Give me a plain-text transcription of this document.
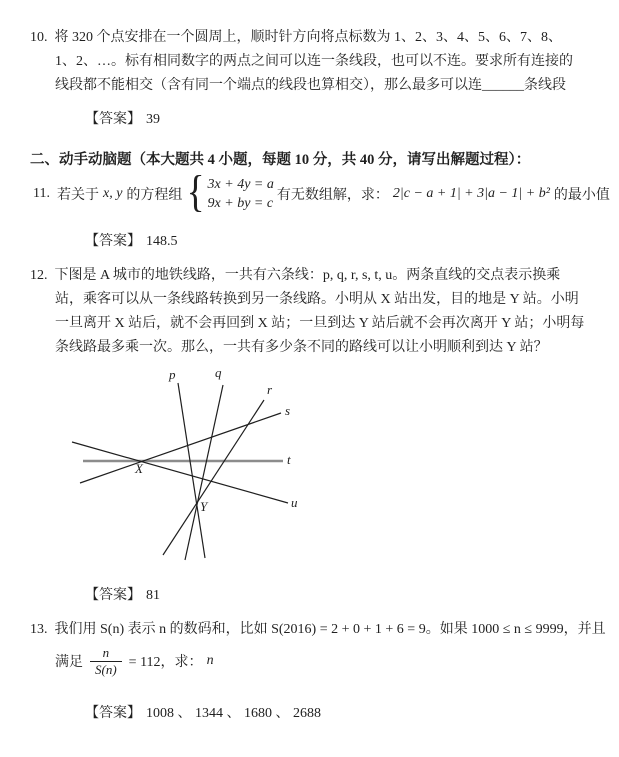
10. 将 320 个点安排在一个圆周上，顺时针方向将点标数为 1、2、3、4、5、6、7、8、
1、2、…。标有相同数字的两点之间可以连一条线段，也可以不连。要求所有连接的
线段都不能相交（含有同一个端点的线段也算相交），那么最多可以连______条线段
【答案】 39
二、动手动脑题（本大题共 4 小题，每题 10 分，共 40 分，请写出解题过程）：
11. 若关于 x, y 的方程组 { 3x + 4y = a
9x + by = c
有无数组解，求： 2|c − a + 1| + 3|a − 1| + b² 的最小值
【答案】 148.5
12. 下图是 A 城市的地铁线路，一共有六条线：p, q, r, s, t, u。两条直线的交点表示换乘
站，乘客可以从一条线路转换到另一条线路。小明从 X 站出发，目的地是 Y 站。小明
一旦离开 X 站后，就不会再回到 X 站；一旦到达 Y 站后就不会再次离开 Y 站；小明每
条线路最多乘一次。那么，一共有多少条不同的路线可以让小明顺利到达 Y 站？
p	q
r
s
t
u
X
Y
【答案】 81
13. 我们用 S(n) 表示 n 的数码和，比如 S(2016) = 2 + 0 + 1 + 6 = 9。如果 1000 ≤ n ≤ 9999，并且
满足 $\frac{n}{S(n)} = 112$，求： n
【答案】 1008 、 1344 、 1680 、 2688
